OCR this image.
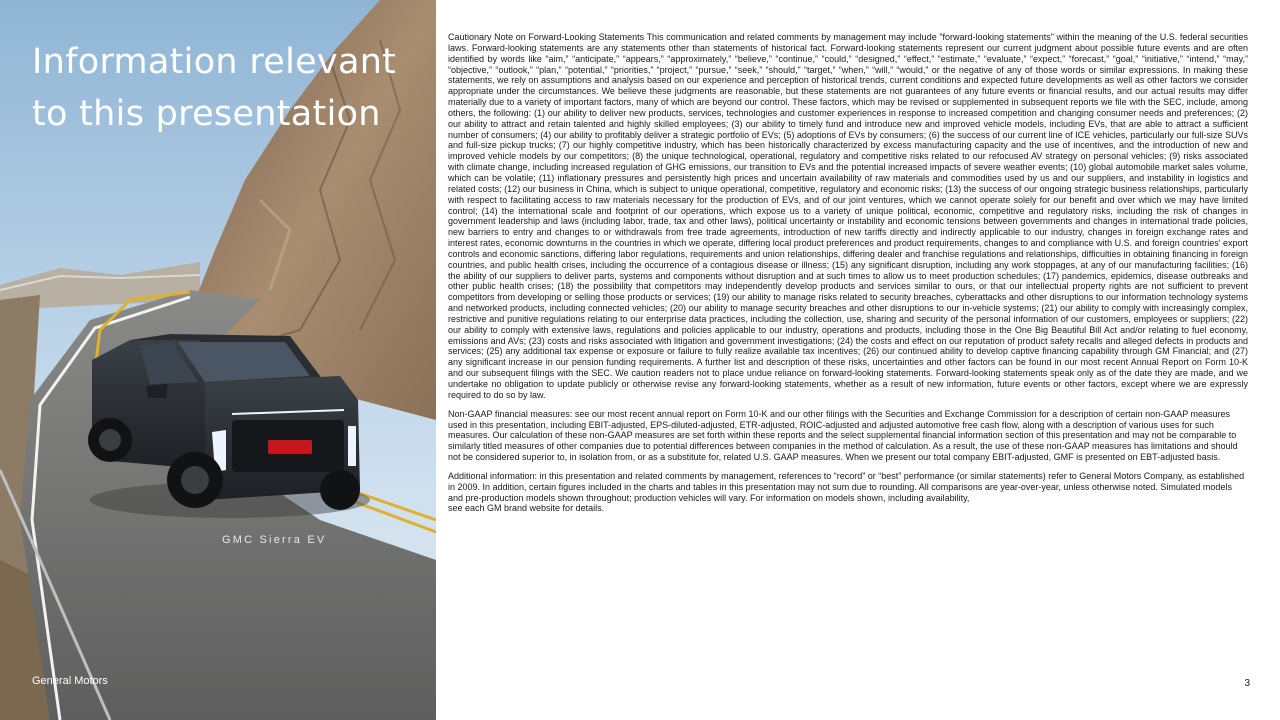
Information relevant to this presentation
GMC Sierra EV
General Motors

Cautionary Note on Forward-Looking Statements This communication and related comments by management may include "forward-looking statements" within the meaning of the U.S. federal securities laws. Forward-looking statements are any statements other than statements of historical fact. Forward-looking statements represent our current judgment about possible future events and are often identified by words like “aim,” “anticipate,” “appears,” “approximately,” “believe,” “continue,” “could,” “designed,” “effect,” “estimate,” “evaluate,” “expect,” “forecast,” “goal,” “initiative,” “intend,” “may,” “objective,” “outlook,” “plan,” “potential,” “priorities,” “project,” “pursue,” “seek,” “should,” “target,” “when,” “will,” “would,” or the negative of any of those words or similar expressions. In making these statements, we rely on assumptions and analysis based on our experience and perception of historical trends, current conditions and expected future developments as well as other factors we consider appropriate under the circumstances. We believe these judgments are reasonable, but these statements are not guarantees of any future events or financial results, and our actual results may differ materially due to a variety of important factors, many of which are beyond our control. These factors, which may be revised or supplemented in subsequent reports we file with the SEC, include, among others, the following: (1) our ability to deliver new products, services, technologies and customer experiences in response to increased competition and changing consumer needs and preferences; (2) our ability to attract and retain talented and highly skilled employees; (3) our ability to timely fund and introduce new and improved vehicle models, including EVs, that are able to attract a sufficient number of consumers; (4) our ability to profitably deliver a strategic portfolio of EVs; (5) adoptions of EVs by consumers; (6) the success of our current line of ICE vehicles, particularly our full-size SUVs and full-size pickup trucks; (7) our highly competitive industry, which has been historically characterized by excess manufacturing capacity and the use of incentives, and the introduction of new and improved vehicle models by our competitors; (8) the unique technological, operational, regulatory and competitive risks related to our refocused AV strategy on personal vehicles; (9) risks associated with climate change, including increased regulation of GHG emissions, our transition to EVs and the potential increased impacts of severe weather events; (10) global automobile market sales volume, which can be volatile; (11) inflationary pressures and persistently high prices and uncertain availability of raw materials and commodities used by us and our suppliers, and instability in logistics and related costs; (12) our business in China, which is subject to unique operational, competitive, regulatory and economic risks; (13) the success of our ongoing strategic business relationships, particularly with respect to facilitating access to raw materials necessary for the production of EVs, and of our joint ventures, which we cannot operate solely for our benefit and over which we may have limited control; (14) the international scale and footprint of our operations, which expose us to a variety of unique political, economic, competitive and regulatory risks, including the risk of changes in government leadership and laws (including labor, trade, tax and other laws), political uncertainty or instability and economic tensions between governments and changes in international trade policies, new barriers to entry and changes to or withdrawals from free trade agreements, introduction of new tariffs directly and indirectly applicable to our industry, changes in foreign exchange rates and interest rates, economic downturns in the countries in which we operate, differing local product preferences and product requirements, changes to and compliance with U.S. and foreign countries' export controls and economic sanctions, differing labor regulations, requirements and union relationships, differing dealer and franchise regulations and relationships, difficulties in obtaining financing in foreign countries, and public health crises, including the occurrence of a contagious disease or illness; (15) any significant disruption, including any work stoppages, at any of our manufacturing facilities; (16) the ability of our suppliers to deliver parts, systems and components without disruption and at such times to allow us to meet production schedules; (17) pandemics, epidemics, disease outbreaks and other public health crises; (18) the possibility that competitors may independently develop products and services similar to ours, or that our intellectual property rights are not sufficient to prevent competitors from developing or selling those products or services; (19) our ability to manage risks related to security breaches, cyberattacks and other disruptions to our information technology systems and networked products, including connected vehicles; (20) our ability to manage security breaches and other disruptions to our in-vehicle systems; (21) our ability to comply with increasingly complex, restrictive and punitive regulations relating to our enterprise data practices, including the collection, use, sharing and security of the personal information of our customers, employees or suppliers; (22) our ability to comply with extensive laws, regulations and policies applicable to our industry, operations and products, including those in the One Big Beautiful Bill Act and/or relating to fuel economy, emissions and AVs; (23) costs and risks associated with litigation and government investigations; (24) the costs and effect on our reputation of product safety recalls and alleged defects in products and services; (25) any additional tax expense or exposure or failure to fully realize available tax incentives; (26) our continued ability to develop captive financing capability through GM Financial; and (27) any significant increase in our pension funding requirements. A further list and description of these risks, uncertainties and other factors can be found in our most recent Annual Report on Form 10-K and our subsequent filings with the SEC. We caution readers not to place undue reliance on forward-looking statements. Forward-looking statements speak only as of the date they are made, and we undertake no obligation to update publicly or otherwise revise any forward-looking statements, whether as a result of new information, future events or other factors, except where we are expressly required to do so by law.

Non-GAAP financial measures: see our most recent annual report on Form 10-K and our other filings with the Securities and Exchange Commission for a description of certain non-GAAP measures used in this presentation, including EBIT-adjusted, EPS-diluted-adjusted, ETR-adjusted, ROIC-adjusted and adjusted automotive free cash flow, along with a description of various uses for such measures. Our calculation of these non-GAAP measures are set forth within these reports and the select supplemental financial information section of this presentation and may not be comparable to similarly titled measures of other companies due to potential differences between companies in the method of calculation. As a result, the use of these non-GAAP measures has limitations and should not be considered superior to, in isolation from, or as a substitute for, related U.S. GAAP measures. When we present our total company EBIT-adjusted, GMF is presented on EBT-adjusted basis.

Additional information: in this presentation and related comments by management, references to “record” or “best” performance (or similar statements) refer to General Motors Company, as established in 2009. In addition, certain figures included in the charts and tables in this presentation may not sum due to rounding. All comparisons are year-over-year, unless otherwise noted. Simulated models and pre-production models shown throughout; production vehicles will vary. For information on models shown, including availability,
see each GM brand website for details.

3
